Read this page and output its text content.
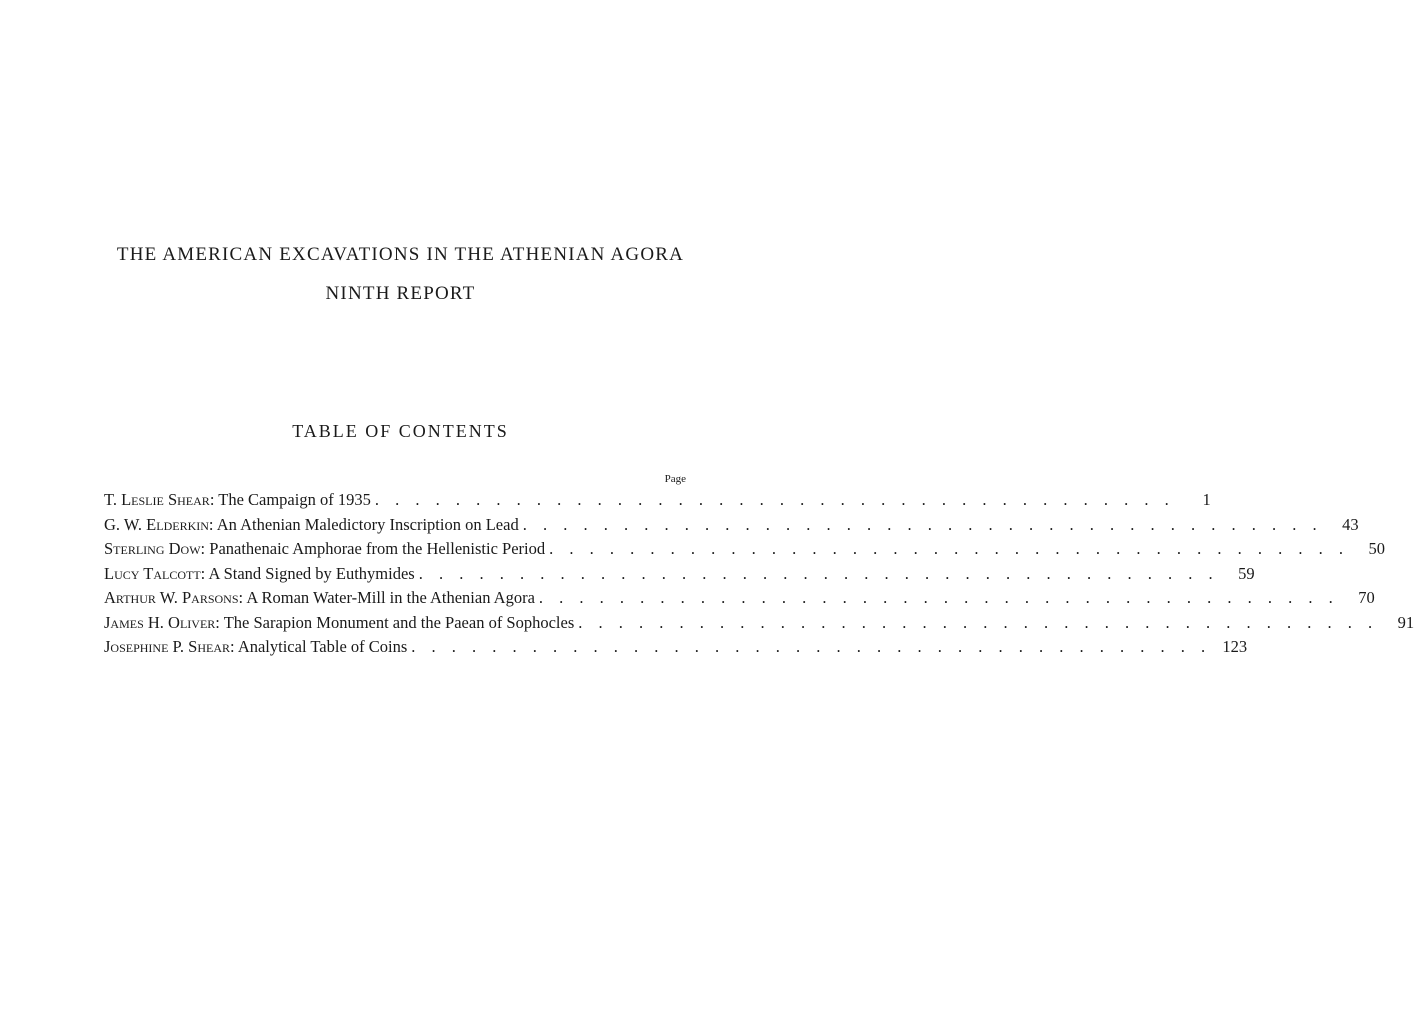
THE AMERICAN EXCAVATIONS IN THE ATHENIAN AGORA
NINTH REPORT
TABLE OF CONTENTS
Page
T. Leslie Shear: The Campaign of 1935 . . . . . . . . . . . . . . . . . . . . . . . . . . . . . . . . . . . . . . . .	1
G. W. Elderkin: An Athenian Maledictory Inscription on Lead . . . . . . . . . . . . . . . . . . . . . . . . . . . . . . . . . . . . . . . .	43
Sterling Dow: Panathenaic Amphorae from the Hellenistic Period . . . . . . . . . . . . . . . . . . . . . . . . . . . . . . . . . . . . . . . .	50
Lucy Talcott: A Stand Signed by Euthymides . . . . . . . . . . . . . . . . . . . . . . . . . . . . . . . . . . . . . . . .	59
Arthur W. Parsons: A Roman Water-Mill in the Athenian Agora . . . . . . . . . . . . . . . . . . . . . . . . . . . . . . . . . . . . . . . .	70
James H. Oliver: The Sarapion Monument and the Paean of Sophocles . . . . . . . . . . . . . . . . . . . . . . . . . . . . . . . . . . . . . . . .	91
Josephine P. Shear: Analytical Table of Coins . . . . . . . . . . . . . . . . . . . . . . . . . . . . . . . . . . . . . . . . 123
